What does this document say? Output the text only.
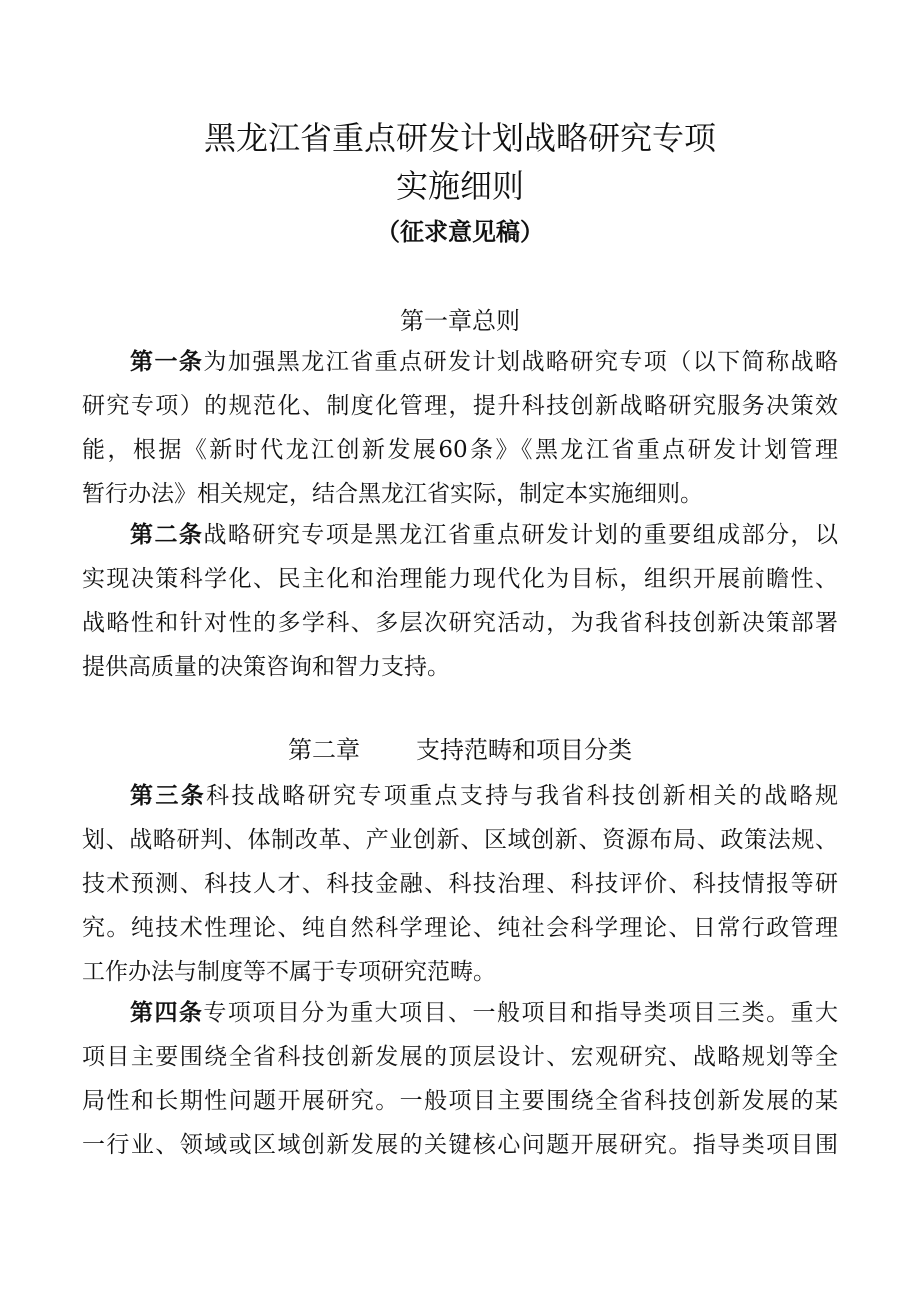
黑龙江省重点研发计划战略研究专项
实施细则
（征求意见稿）
第一章总则
第一条为加强黑龙江省重点研发计划战略研究专项（以下简称战略
研究专项）的规范化、制度化管理，提升科技创新战略研究服务决策效
能，根据《新时代龙江创新发展60条》《黑龙江省重点研发计划管理
暂行办法》相关规定，结合黑龙江省实际，制定本实施细则。
第二条战略研究专项是黑龙江省重点研发计划的重要组成部分，以
实现决策科学化、民主化和治理能力现代化为目标，组织开展前瞻性、
战略性和针对性的多学科、多层次研究活动，为我省科技创新决策部署
提供高质量的决策咨询和智力支持。
第二章 支持范畴和项目分类
第三条科技战略研究专项重点支持与我省科技创新相关的战略规
划、战略研判、体制改革、产业创新、区域创新、资源布局、政策法规、
技术预测、科技人才、科技金融、科技治理、科技评价、科技情报等研
究。纯技术性理论、纯自然科学理论、纯社会科学理论、日常行政管理
工作办法与制度等不属于专项研究范畴。
第四条专项项目分为重大项目、一般项目和指导类项目三类。重大
项目主要围绕全省科技创新发展的顶层设计、宏观研究、战略规划等全
局性和长期性问题开展研究。一般项目主要围绕全省科技创新发展的某
一行业、领域或区域创新发展的关键核心问题开展研究。指导类项目围
